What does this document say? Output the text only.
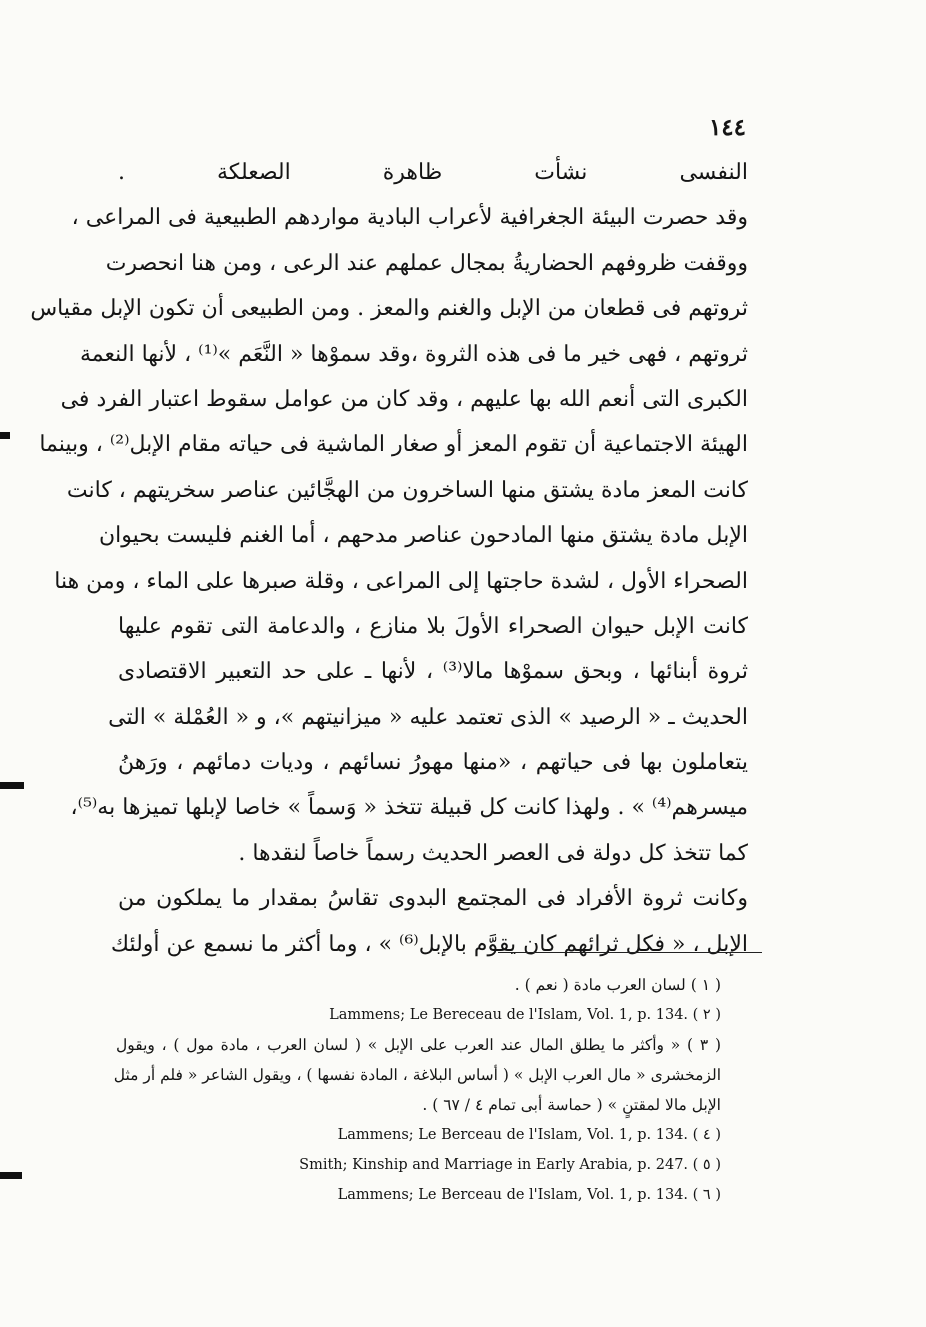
١٤٤
النفسى نشأت ظاهرة الصعلكة .
وقد حصرت البيئة الجغرافية لأعراب البادية مواردهم الطبيعية فى المراعى ،
ووقفت ظروفهم الحضاريةُ بمجال عملهم عند الرعى ، ومن هنا انحصرت
ثروتهم فى قطعان من الإبل والغنم والمعز . ومن الطبيعى أن تكون الإبل مقياس
ثروتهم ، فهى خير ما فى هذه الثروة ،وقد سموْها « النَّعَم »⁽¹⁾ ، لأنها النعمة
الكبرى التى أنعم الله بها عليهم ، وقد كان من عوامل سقوط اعتبار الفرد فى
الهيئة الاجتماعية أن تقوم المعز أو صغار الماشية فى حياته مقام الإبل⁽²⁾ ، وبينما
كانت المعز مادة يشتق منها الساخرون من الهجَّائين عناصر سخريتهم ، كانت
الإبل مادة يشتق منها المادحون عناصر مدحهم ، أما الغنم فليست بحيوان
الصحراء الأول ، لشدة حاجتها إلى المراعى ، وقلة صبرها على الماء ، ومن هنا
كانت الإبل حيوان الصحراء الأولَ بلا منازع ، والدعامة التى تقوم عليها
ثروة أبنائها ، وبحق سموْها مالا⁽³⁾ ، لأنها ـ على حد التعبير الاقتصادى
الحديث ـ « الرصيد » الذى تعتمد عليه « ميزانيتهم »، و « العُمْلة » التى
يتعاملون بها فى حياتهم ، «منها مهورُ نسائهم ، وديات دمائهم ، ورَهنُ
ميسرهم⁽⁴⁾ » . ولهذا كانت كل قبيلة تتخذ « وَسماً » خاصا لإبلها تميزها به⁽⁵⁾،
كما تتخذ كل دولة فى العصر الحديث رسماً خاصاً لنقدها .
وكانت ثروة الأفراد فى المجتمع البدوى تقاسُ بمقدار ما يملكون من
الإبل ، « فكل ثرائهم كان يقوَّم بالإبل⁽⁶⁾ » ، وما أكثر ما نسمع عن أولئك
( ١ ) لسان العرب مادة ( نعم ) .
Lammens; Le Bereceau de l'Islam, Vol. 1, p. 134. ( ٢ )
( ٣ ) « وأكثر ما يطلق المال عند العرب على الإبل » ( لسان العرب ، مادة مول ) ، ويقول
الزمخشرى « مال العرب الإبل » ( أساس البلاغة ، المادة نفسها ) ، ويقول الشاعر « فلم أر مثل
الإبل مالا لمقتنٍ » ( حماسة أبى تمام ٤ / ٦٧ ) .
Lammens; Le Berceau de l'Islam, Vol. 1, p. 134. ( ٤ )
Smith; Kinship and Marriage in Early Arabia, p. 247. ( ٥ )
Lammens; Le Berceau de l'Islam, Vol. 1, p. 134. ( ٦ )
